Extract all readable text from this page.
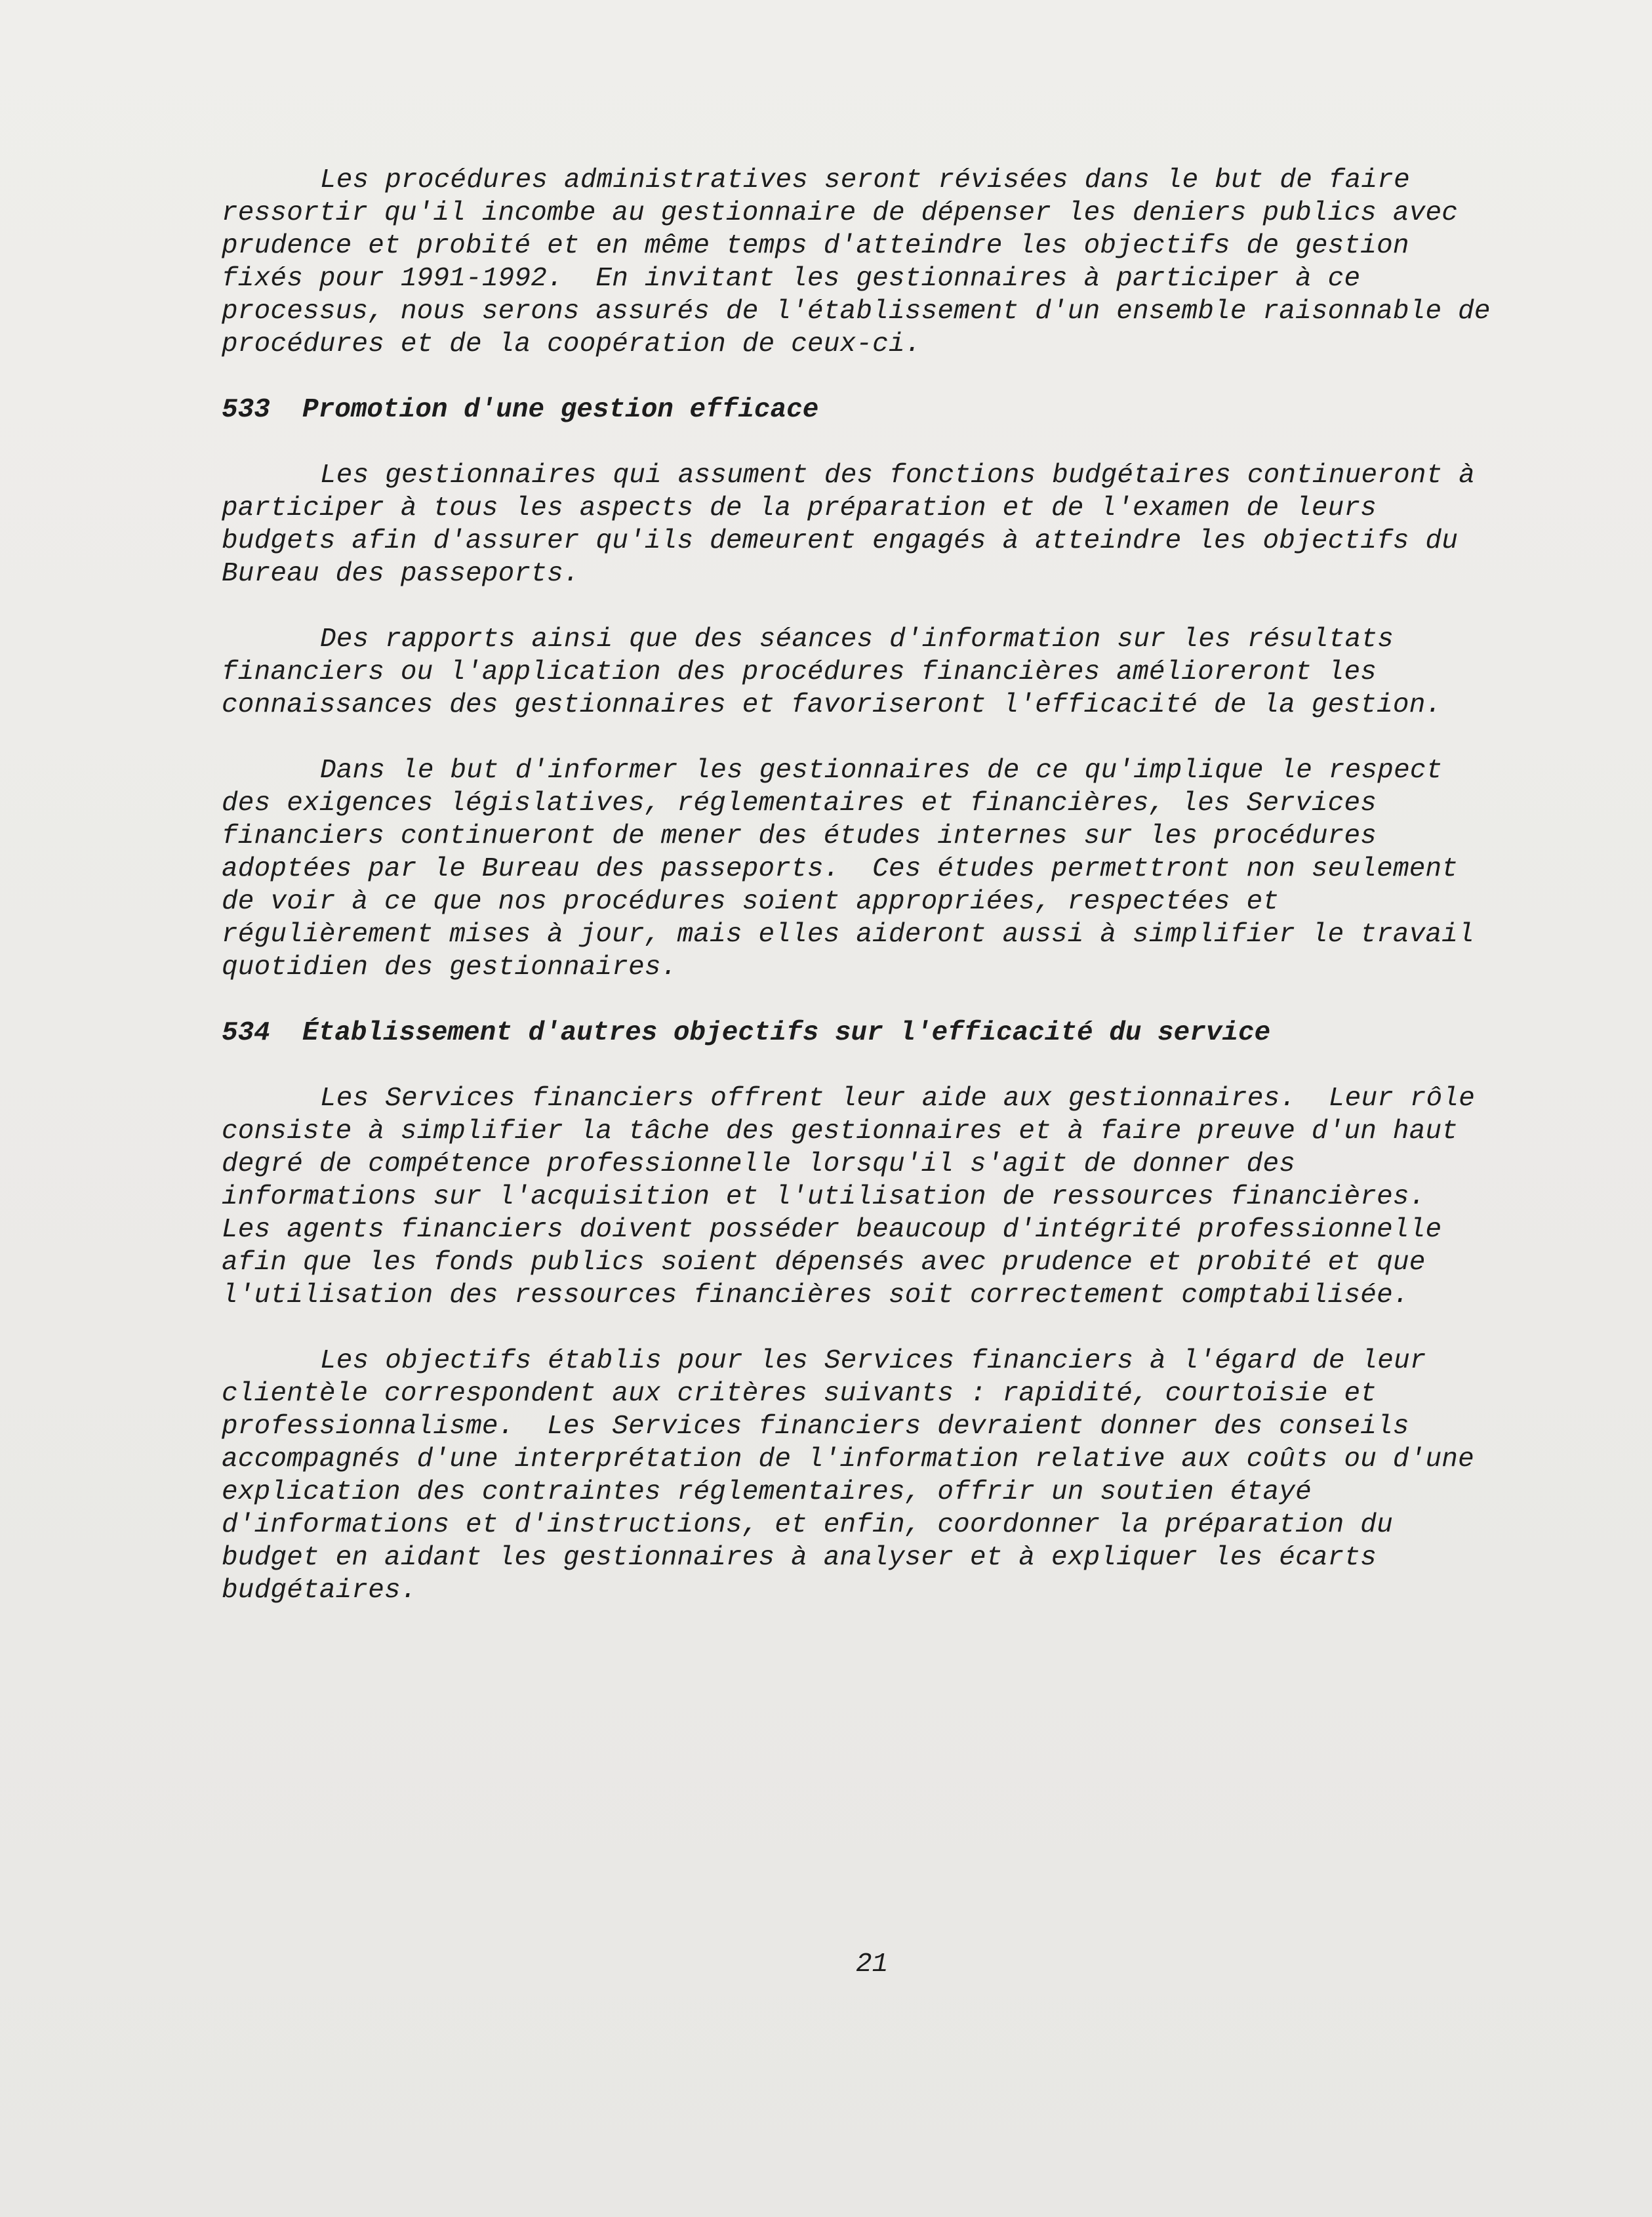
Les procédures administratives seront révisées dans le but de faire
ressortir qu'il incombe au gestionnaire de dépenser les deniers publics avec
prudence et probité et en même temps d'atteindre les objectifs de gestion
fixés pour 1991-1992.  En invitant les gestionnaires à participer à ce
processus, nous serons assurés de l'établissement d'un ensemble raisonnable de
procédures et de la coopération de ceux-ci.

533  Promotion d'une gestion efficace

Les gestionnaires qui assument des fonctions budgétaires continueront à
participer à tous les aspects de la préparation et de l'examen de leurs
budgets afin d'assurer qu'ils demeurent engagés à atteindre les objectifs du
Bureau des passeports.

Des rapports ainsi que des séances d'information sur les résultats
financiers ou l'application des procédures financières amélioreront les
connaissances des gestionnaires et favoriseront l'efficacité de la gestion.

Dans le but d'informer les gestionnaires de ce qu'implique le respect
des exigences législatives, réglementaires et financières, les Services
financiers continueront de mener des études internes sur les procédures
adoptées par le Bureau des passeports.  Ces études permettront non seulement
de voir à ce que nos procédures soient appropriées, respectées et
régulièrement mises à jour, mais elles aideront aussi à simplifier le travail
quotidien des gestionnaires.

534  Établissement d'autres objectifs sur l'efficacité du service

Les Services financiers offrent leur aide aux gestionnaires.  Leur rôle
consiste à simplifier la tâche des gestionnaires et à faire preuve d'un haut
degré de compétence professionnelle lorsqu'il s'agit de donner des
informations sur l'acquisition et l'utilisation de ressources financières.
Les agents financiers doivent posséder beaucoup d'intégrité professionnelle
afin que les fonds publics soient dépensés avec prudence et probité et que
l'utilisation des ressources financières soit correctement comptabilisée.

Les objectifs établis pour les Services financiers à l'égard de leur
clientèle correspondent aux critères suivants : rapidité, courtoisie et
professionnalisme.  Les Services financiers devraient donner des conseils
accompagnés d'une interprétation de l'information relative aux coûts ou d'une
explication des contraintes réglementaires, offrir un soutien étayé
d'informations et d'instructions, et enfin, coordonner la préparation du
budget en aidant les gestionnaires à analyser et à expliquer les écarts
budgétaires.

21
